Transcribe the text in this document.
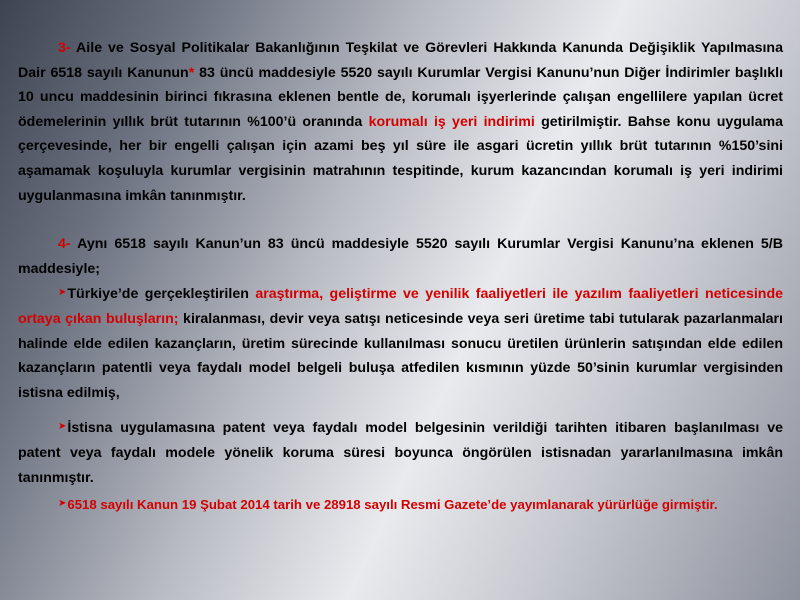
3- Aile ve Sosyal Politikalar Bakanlığının Teşkilat ve Görevleri Hakkında Kanunda Değişiklik Yapılmasına Dair 6518 sayılı Kanunun* 83 üncü maddesiyle 5520 sayılı Kurumlar Vergisi Kanunu’nun Diğer İndirimler başlıklı 10 uncu maddesinin birinci fıkrasına eklenen bentle de, korumalı işyerlerinde çalışan engellilere yapılan ücret ödemelerinin yıllık brüt tutarının %100’ü oranında korumalı iş yeri indirimi getirilmiştir. Bahse konu uygulama çerçevesinde, her bir engelli çalışan için azami beş yıl süre ile asgari ücretin yıllık brüt tutarının %150’sini aşamamak koşuluyla kurumlar vergisinin matrahının tespitinde, kurum kazancından korumalı iş yeri indirimi uygulanmasına imkân tanınmıştır.

4- Aynı 6518 sayılı Kanun’un 83 üncü maddesiyle 5520 sayılı Kurumlar Vergisi Kanunu’na eklenen 5/B maddesiyle;

➤Türkiye’de gerçekleştirilen araştırma, geliştirme ve yenilik faaliyetleri ile yazılım faaliyetleri neticesinde ortaya çıkan buluşların; kiralanması, devir veya satışı neticesinde veya seri üretime tabi tutularak pazarlanmaları halinde elde edilen kazançların, üretim sürecinde kullanılması sonucu üretilen ürünlerin satışından elde edilen kazançların patentli veya faydalı model belgeli buluşa atfedilen kısmının yüzde 50’sinin kurumlar vergisinden istisna edilmiş,

➤İstisna uygulamasına patent veya faydalı model belgesinin verildiği tarihten itibaren başlanılması ve patent veya faydalı modele yönelik koruma süresi boyunca öngörülen istisnadan yararlanılmasına imkân tanınmıştır.

➤6518 sayılı Kanun 19 Şubat 2014 tarih ve 28918 sayılı Resmi Gazete’de yayımlanarak yürürlüğe girmiştir.

5
